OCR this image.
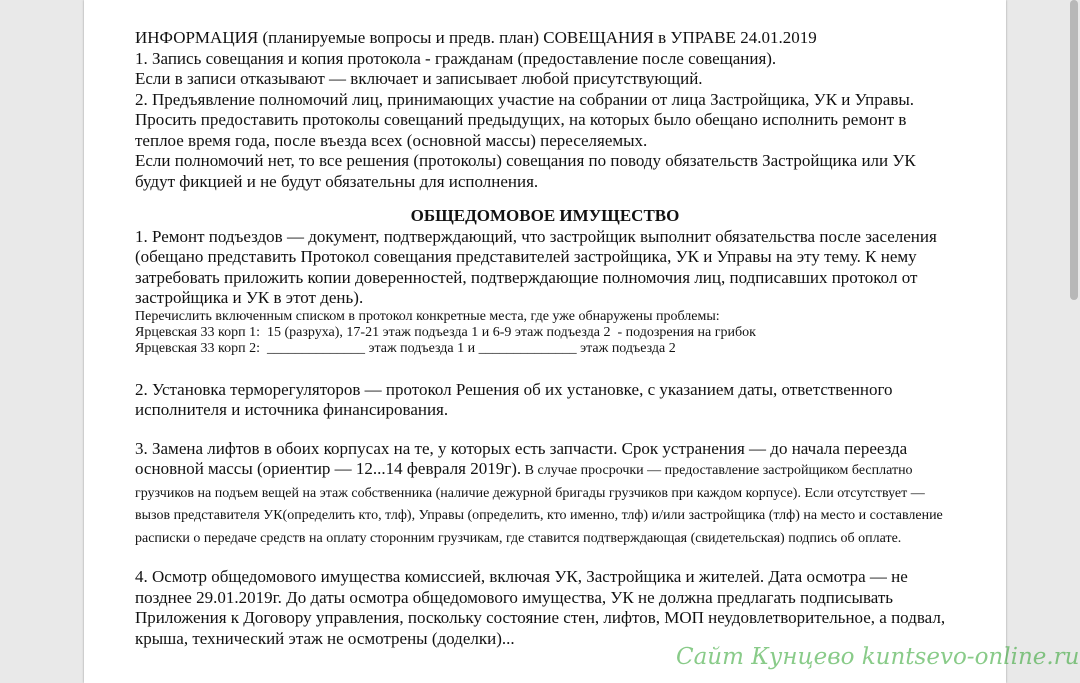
ИНФОРМАЦИЯ (планируемые вопросы и предв. план) СОВЕЩАНИЯ в УПРАВЕ 24.01.2019

1. Запись совещания и копия протокола - гражданам (предоставление после совещания).

Если в записи отказывают — включает и записывает любой присутствующий.

2. Предъявление полномочий лиц, принимающих участие на собрании от лица Застройщика, УК и Управы. Просить предоставить протоколы совещаний предыдущих, на которых было обещано исполнить ремонт в теплое время года, после въезда всех (основной массы) переселяемых.

Если полномочий нет, то все решения (протоколы) совещания по поводу обязательств Застройщика или УК будут фикцией и не будут обязательны для исполнения.

ОБЩЕДОМОВОЕ ИМУЩЕСТВО

1. Ремонт подъездов — документ, подтверждающий, что застройщик выполнит обязательства после заселения (обещано представить Протокол совещания представителей застройщика, УК и Управы на эту тему. К нему затребовать приложить копии доверенностей, подтверждающие полномочия лиц, подписавших протокол от застройщика и УК в этот день).

Перечислить включенным списком в протокол конкретные места, где уже обнаружены проблемы:

Ярцевская 33 корп 1:  15 (разруха), 17-21 этаж подъезда 1 и 6-9 этаж подъезда 2  - подозрения на грибок

Ярцевская 33 корп 2:  ______________ этаж подъезда 1 и ______________ этаж подъезда 2

2. Установка терморегуляторов — протокол Решения об их установке, с указанием даты, ответственного исполнителя и источника финансирования.

3. Замена лифтов в обоих корпусах на те, у которых есть запчасти. Срок устранения — до начала переезда основной массы (ориентир — 12...14 февраля 2019г). В случае просрочки — предоставление застройщиком бесплатно грузчиков на подъем вещей на этаж собственника (наличие дежурной бригады грузчиков при каждом корпусе). Если отсутствует — вызов представителя УК(определить кто, тлф), Управы (определить, кто именно, тлф) и/или застройщика (тлф) на место и составление расписки о передаче средств на оплату сторонним грузчикам, где ставится подтверждающая (свидетельская) подпись об оплате.

4. Осмотр общедомового имущества комиссией, включая УК, Застройщика и жителей. Дата осмотра — не позднее 29.01.2019г. До даты осмотра общедомового имущества, УК не должна предлагать подписывать Приложения к Договору управления, поскольку состояние стен, лифтов, МОП неудовлетворительное, а подвал, крыша, технический этаж не осмотрены (доделки)...

Сайт Кунцево kuntsevo-online.ru
